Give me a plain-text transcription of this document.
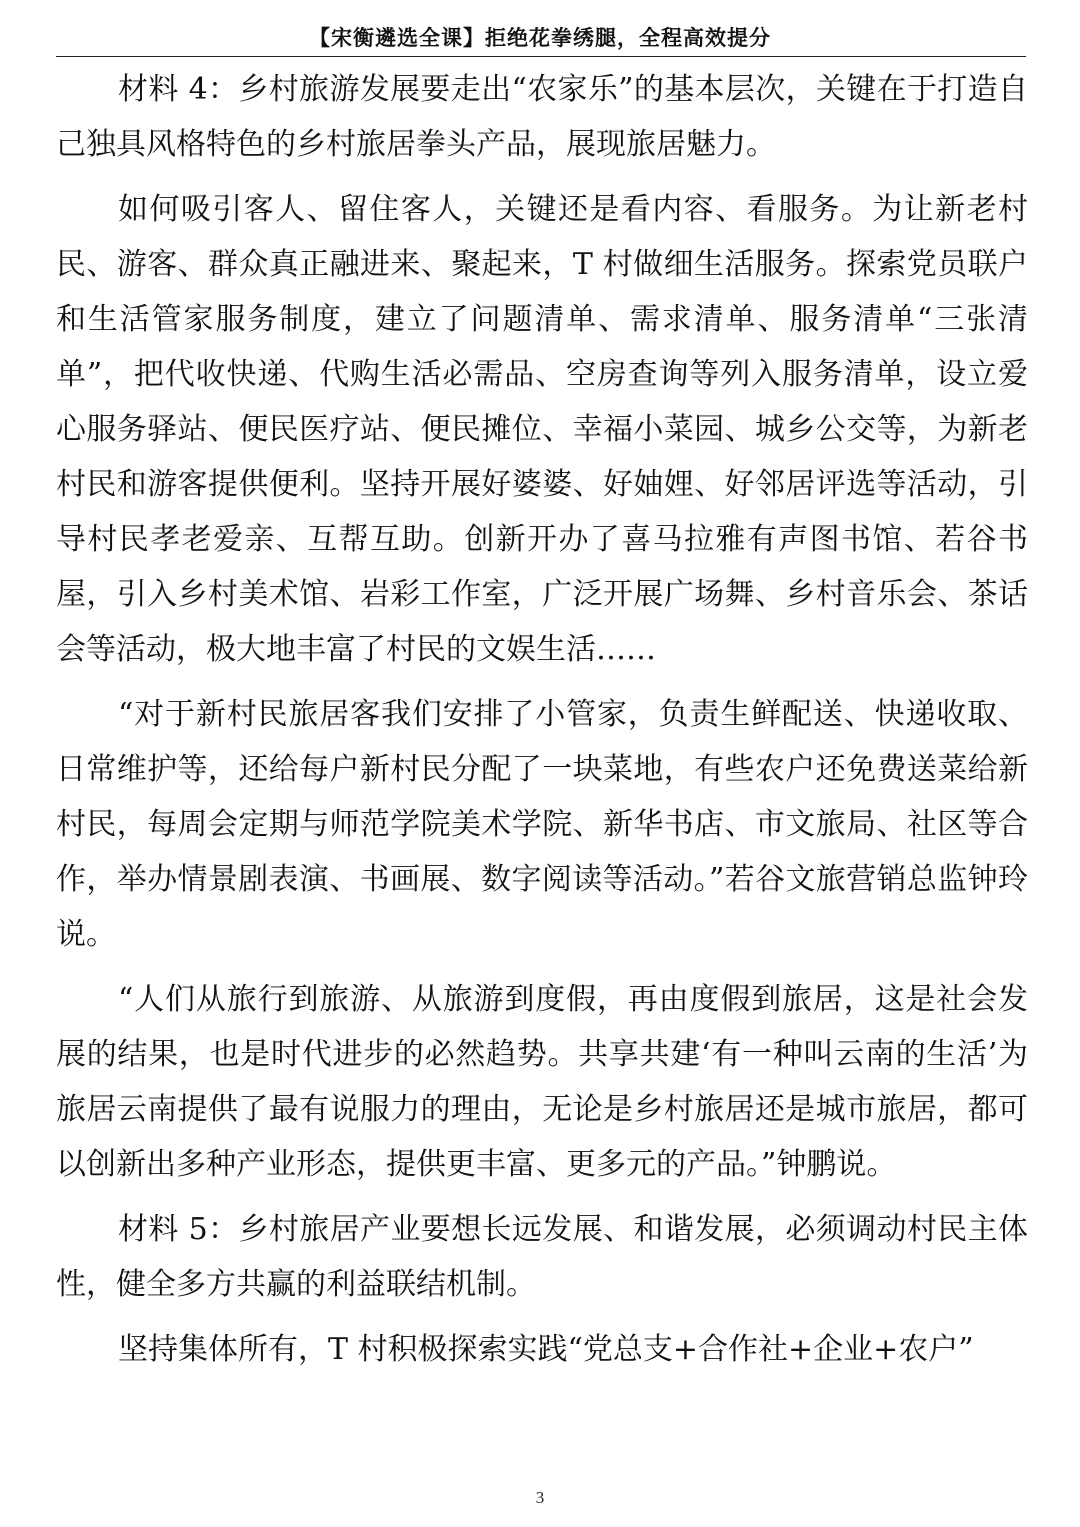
【宋衡遴选全课】拒绝花拳绣腿，全程高效提分

材料 4：乡村旅游发展要走出“农家乐”的基本层次，关键在于打造自己独具风格特色的乡村旅居拳头产品，展现旅居魅力。

如何吸引客人、留住客人，关键还是看内容、看服务。为让新老村民、游客、群众真正融进来、聚起来，T 村做细生活服务。探索党员联户和生活管家服务制度，建立了问题清单、需求清单、服务清单“三张清单”，把代收快递、代购生活必需品、空房查询等列入服务清单，设立爱心服务驿站、便民医疗站、便民摊位、幸福小菜园、城乡公交等，为新老村民和游客提供便利。坚持开展好婆婆、好妯娌、好邻居评选等活动，引导村民孝老爱亲、互帮互助。创新开办了喜马拉雅有声图书馆、若谷书屋，引入乡村美术馆、岩彩工作室，广泛开展广场舞、乡村音乐会、茶话会等活动，极大地丰富了村民的文娱生活……

“对于新村民旅居客我们安排了小管家，负责生鲜配送、快递收取、日常维护等，还给每户新村民分配了一块菜地，有些农户还免费送菜给新村民，每周会定期与师范学院美术学院、新华书店、市文旅局、社区等合作，举办情景剧表演、书画展、数字阅读等活动。”若谷文旅营销总监钟玲说。

“人们从旅行到旅游、从旅游到度假，再由度假到旅居，这是社会发展的结果，也是时代进步的必然趋势。共享共建‘有一种叫云南的生活’为旅居云南提供了最有说服力的理由，无论是乡村旅居还是城市旅居，都可以创新出多种产业形态，提供更丰富、更多元的产品。”钟鹏说。

材料 5：乡村旅居产业要想长远发展、和谐发展，必须调动村民主体性，健全多方共赢的利益联结机制。

坚持集体所有，T 村积极探索实践“党总支+合作社+企业+农户”

3
